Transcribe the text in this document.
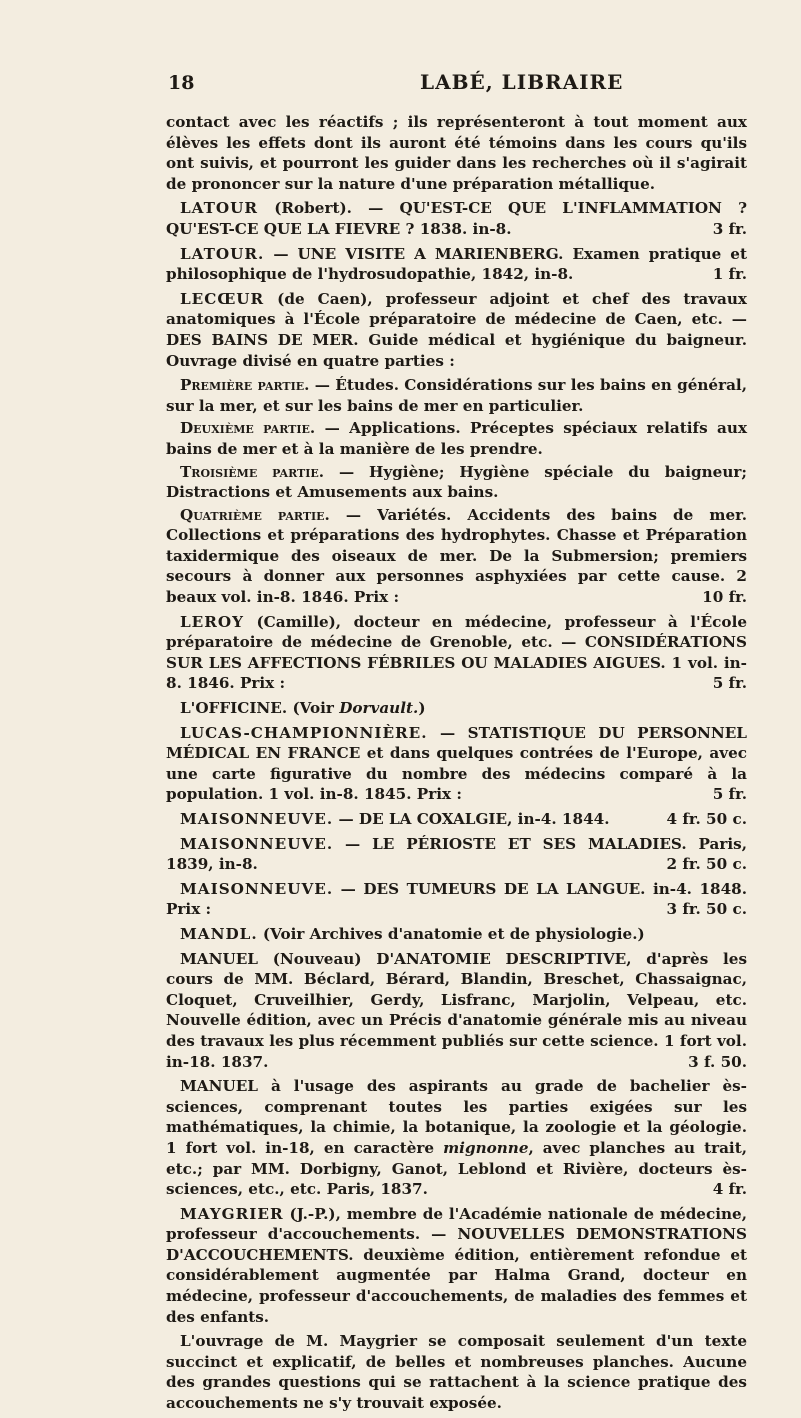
18	LABÉ, LIBRAIRE

contact avec les réactifs ; ils représenteront à tout moment aux élèves les effets dont ils auront été témoins dans les cours qu'ils ont suivis, et pourront les guider dans les recherches où il s'agirait de prononcer sur la nature d'une préparation métallique.

LATOUR (Robert). — QU'EST-CE QUE L'INFLAMMATION ? QU'EST-CE QUE LA FIEVRE ? 1838. in-8.	3 fr.

LATOUR. — UNE VISITE A MARIENBERG. Examen pratique et philosophique de l'hydrosudopathie, 1842, in-8.	1 fr.

LECŒUR (de Caen), professeur adjoint et chef des travaux anatomiques à l'École préparatoire de médecine de Caen, etc. — DES BAINS DE MER. Guide médical et hygiénique du baigneur. Ouvrage divisé en quatre parties :

Première partie. — Études. Considérations sur les bains en général, sur la mer, et sur les bains de mer en particulier.

Deuxième partie. — Applications. Préceptes spéciaux relatifs aux bains de mer et à la manière de les prendre.

Troisième partie. — Hygiène; Hygiène spéciale du baigneur; Distractions et Amusements aux bains.

Quatrième partie. — Variétés. Accidents des bains de mer. Collections et préparations des hydrophytes. Chasse et Préparation taxidermique des oiseaux de mer. De la Submersion; premiers secours à donner aux personnes asphyxiées par cette cause. 2 beaux vol. in-8. 1846. Prix :	10 fr.

LEROY (Camille), docteur en médecine, professeur à l'École préparatoire de médecine de Grenoble, etc. — CONSIDÉRATIONS SUR LES AFFECTIONS FÉBRILES OU MALADIES AIGUES. 1 vol. in-8. 1846. Prix :	5 fr.

L'OFFICINE. (Voir Dorvault.)

LUCAS-CHAMPIONNIÈRE. — STATISTIQUE DU PERSONNEL MÉDICAL EN FRANCE et dans quelques contrées de l'Europe, avec une carte figurative du nombre des médecins comparé à la population. 1 vol. in-8. 1845. Prix :	5 fr.

MAISONNEUVE. — DE LA COXALGIE, in-4. 1844.	4 fr. 50 c.

MAISONNEUVE. — LE PÉRIOSTE ET SES MALADIES. Paris, 1839, in-8.	2 fr. 50 c.

MAISONNEUVE. — DES TUMEURS DE LA LANGUE. in-4. 1848. Prix :	3 fr. 50 c.

MANDL. (Voir Archives d'anatomie et de physiologie.)

MANUEL (Nouveau) D'ANATOMIE DESCRIPTIVE, d'après les cours de MM. Béclard, Bérard, Blandin, Breschet, Chassaignac, Cloquet, Cruveilhier, Gerdy, Lisfranc, Marjolin, Velpeau, etc. Nouvelle édition, avec un Précis d'anatomie générale mis au niveau des travaux les plus récemment publiés sur cette science. 1 fort vol. in-18. 1837.	3 f. 50.

MANUEL à l'usage des aspirants au grade de bachelier ès-sciences, comprenant toutes les parties exigées sur les mathématiques, la chimie, la botanique, la zoologie et la géologie. 1 fort vol. in-18, en caractère mignonne, avec planches au trait, etc.; par MM. Dorbigny, Ganot, Leblond et Rivière, docteurs ès-sciences, etc., etc. Paris, 1837.	4 fr.

MAYGRIER (J.-P.), membre de l'Académie nationale de médecine, professeur d'accouchements. — NOUVELLES DEMONSTRATIONS D'ACCOUCHEMENTS. deuxième édition, entièrement refondue et considérablement augmentée par Halma Grand, docteur en médecine, professeur d'accouchements, de maladies des femmes et des enfants.

L'ouvrage de M. Maygrier se composait seulement d'un texte succinct et explicatif, de belles et nombreuses planches. Aucune des grandes questions qui se rattachent à la science pratique des accouchements ne s'y trouvait exposée.
